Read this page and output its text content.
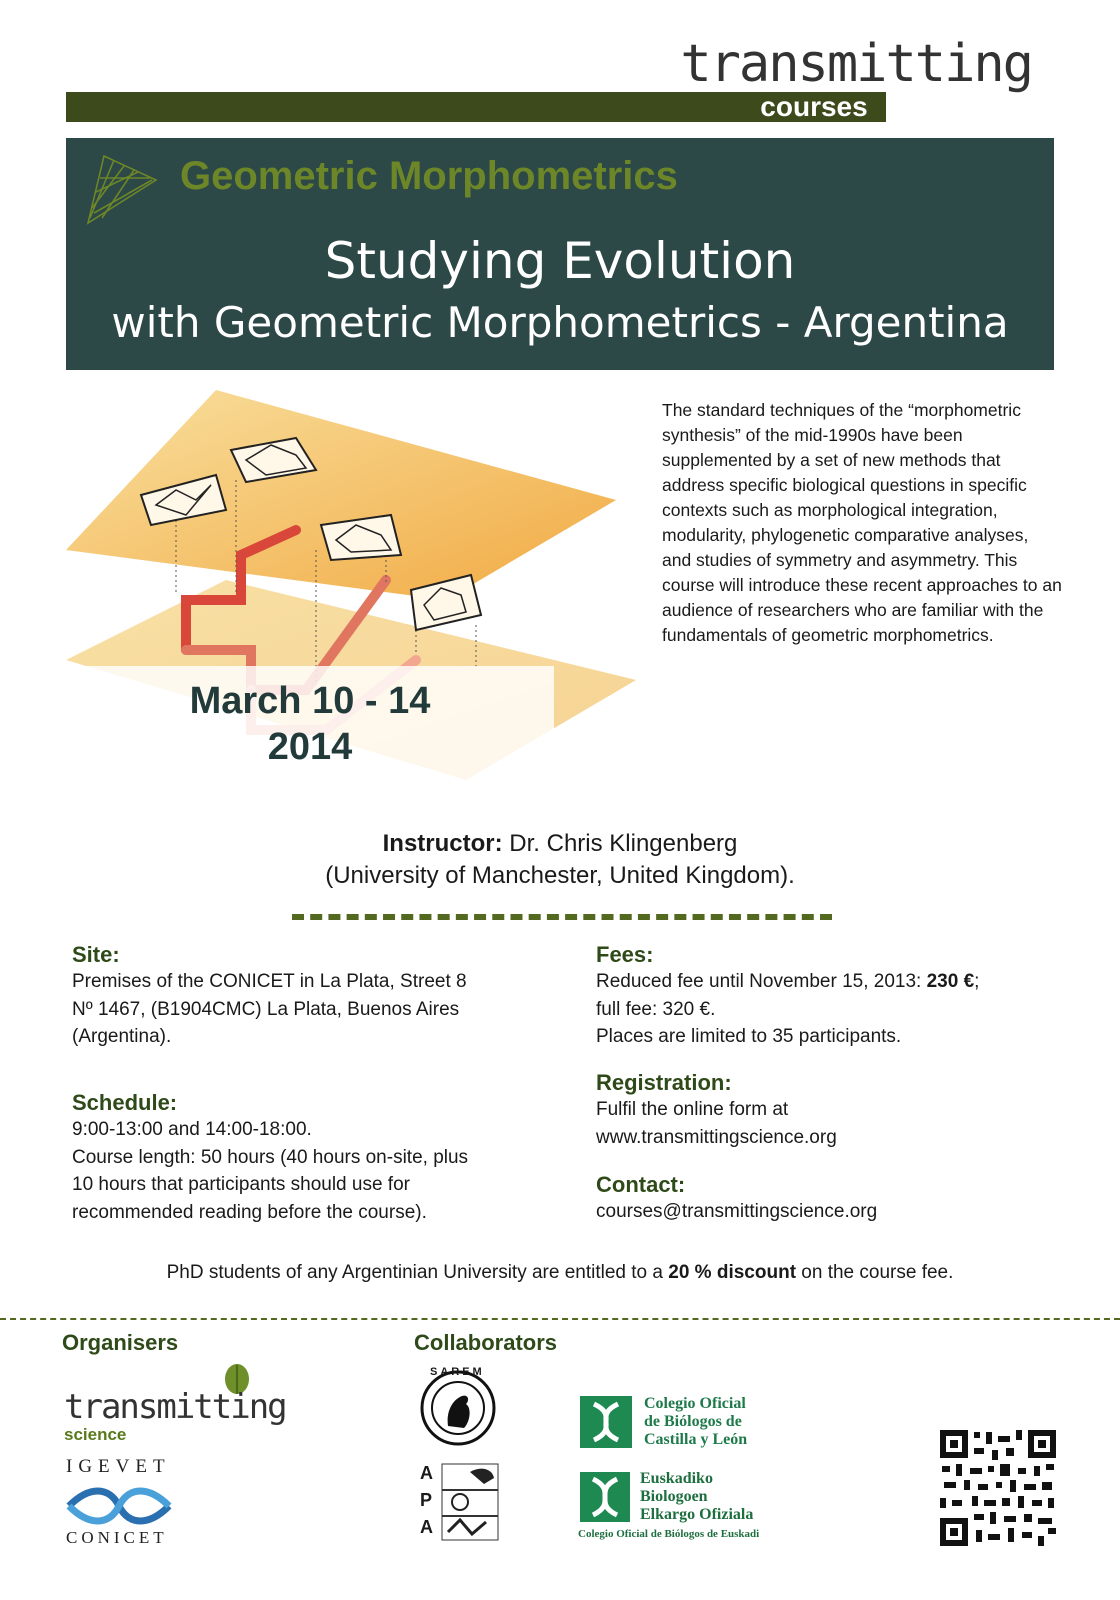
courses
transmitting
Geometric Morphometrics
Studying Evolution
with Geometric Morphometrics - Argentina
March 10 - 14
2014
The standard techniques of the “morphometric synthesis” of the mid-1990s have been supplemented by a set of new methods that address specific biological questions in specific contexts such as morphological integration, modularity, phylogenetic comparative analyses, and studies of symmetry and asymmetry. This course will introduce these recent approaches to an audience of researchers who are familiar with the fundamentals of geometric morphometrics.
Instructor: Dr. Chris Klingenberg
(University of Manchester, United Kingdom).
Site:
Premises of the CONICET in La Plata, Street 8
Nº 1467, (B1904CMC) La Plata, Buenos Aires
(Argentina).
Schedule:
9:00-13:00 and 14:00-18:00.
Course length: 50 hours (40 hours on-site, plus
10 hours that participants should use for
recommended reading before the course).
Fees:
Reduced fee until November 15, 2013: 230 €;
full fee: 320 €.
Places are limited to 35 participants.
Registration:
Fulfil the online form at
www.transmittingscience.org
Contact:
courses@transmittingscience.org
PhD students of any Argentinian University are entitled to a 20 % discount on the course fee.
Organisers	Collaborators
transmitting
science
IGEVET
CONICET
SAREM
A
P
A
Colegio Oficial
de Biólogos de
Castilla y León
Euskadiko
Biologoen
Elkargo Ofiziala
Colegio Oficial de Biólogos de Euskadi
